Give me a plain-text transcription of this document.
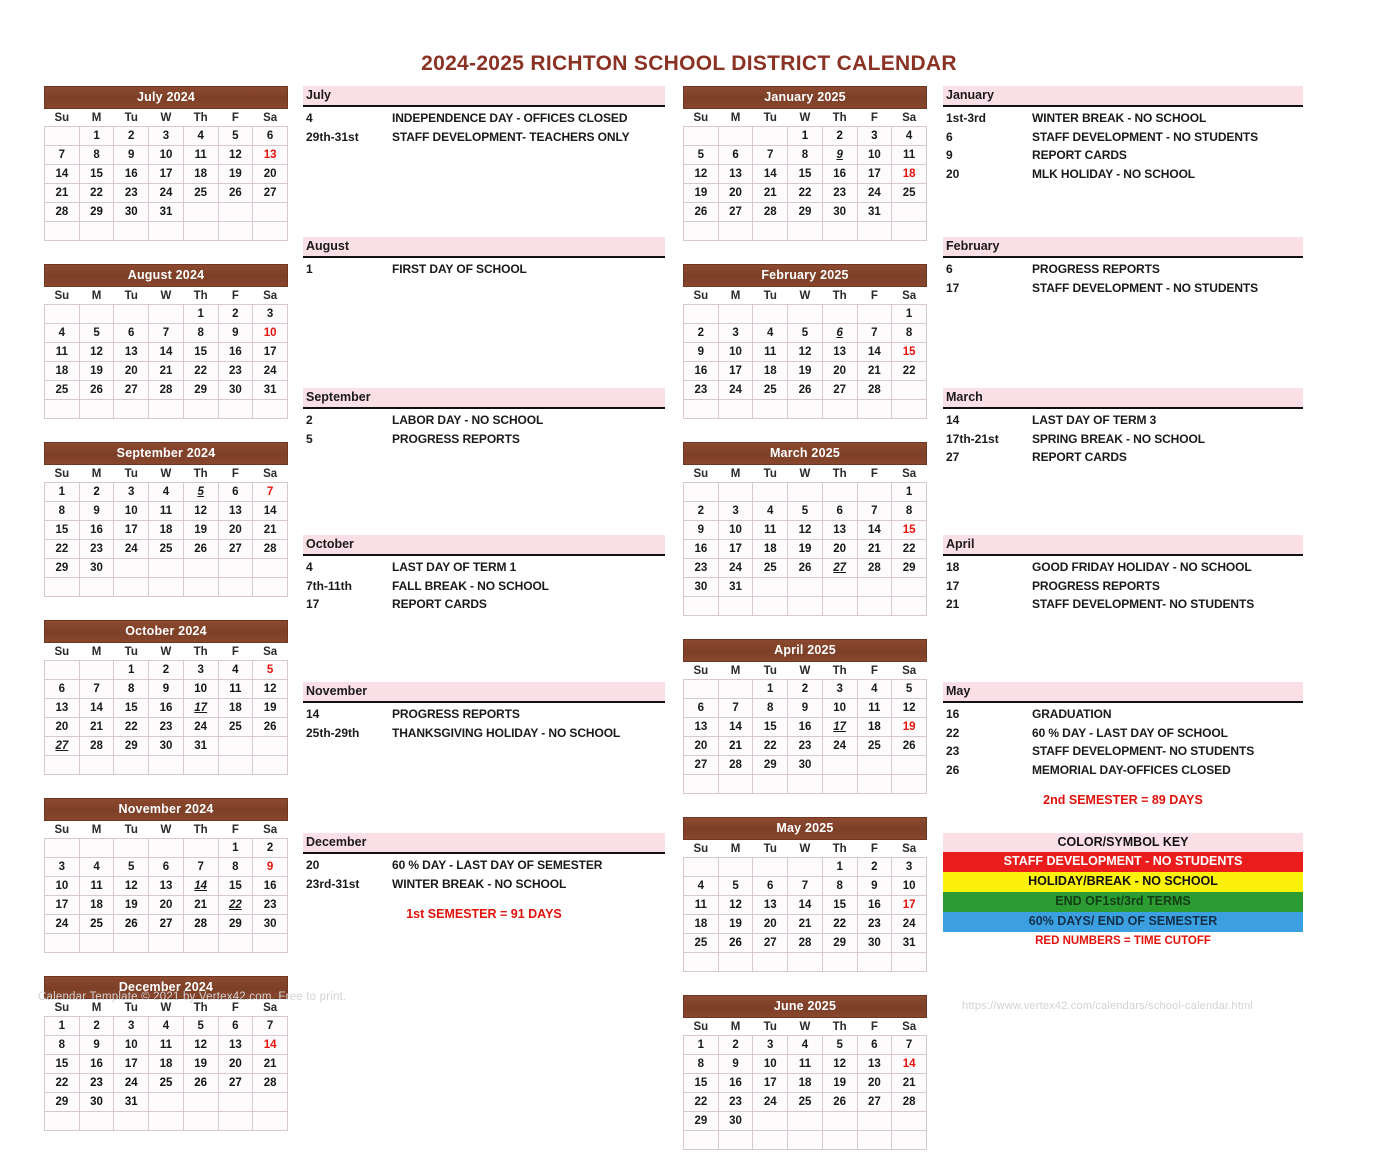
2024-2025 RICHTON SCHOOL DISTRICT CALENDAR
July 2024
Su	M	Tu	W	Th	F	Sa
	1	2	3	4	5	6
7	8	9	10	11	12	13
14	15	16	17	18	19	20
21	22	23	24	25	26	27
28	29	30	31			

August 2024
Su	M	Tu	W	Th	F	Sa
				1	2	3
4	5	6	7	8	9	10
11	12	13	14	15	16	17
18	19	20	21	22	23	24
25	26	27	28	29	30	31

September 2024
Su	M	Tu	W	Th	F	Sa
1	2	3	4	5	6	7
8	9	10	11	12	13	14
15	16	17	18	19	20	21
22	23	24	25	26	27	28
29	30					

October 2024
Su	M	Tu	W	Th	F	Sa
		1	2	3	4	5
6	7	8	9	10	11	12
13	14	15	16	17	18	19
20	21	22	23	24	25	26
27	28	29	30	31		

November 2024
Su	M	Tu	W	Th	F	Sa
					1	2
3	4	5	6	7	8	9
10	11	12	13	14	15	16
17	18	19	20	21	22	23
24	25	26	27	28	29	30

December 2024
Su	M	Tu	W	Th	F	Sa
1	2	3	4	5	6	7
8	9	10	11	12	13	14
15	16	17	18	19	20	21
22	23	24	25	26	27	28
29	30	31				

July
4	INDEPENDENCE DAY - OFFICES CLOSED
29th-31st	STAFF DEVELOPMENT- TEACHERS ONLY
August
1	FIRST DAY OF SCHOOL
September
2	LABOR DAY - NO SCHOOL
5	PROGRESS REPORTS
October
4	LAST DAY OF TERM 1
7th-11th	FALL BREAK - NO SCHOOL
17	REPORT CARDS
November
14	PROGRESS REPORTS
25th-29th	THANKSGIVING HOLIDAY - NO SCHOOL
December
20	60 % DAY - LAST DAY OF SEMESTER
23rd-31st	WINTER BREAK - NO SCHOOL
1st SEMESTER = 91 DAYS
January 2025
Su	M	Tu	W	Th	F	Sa
			1	2	3	4
5	6	7	8	9	10	11
12	13	14	15	16	17	18
19	20	21	22	23	24	25
26	27	28	29	30	31	

February 2025
Su	M	Tu	W	Th	F	Sa
						1
2	3	4	5	6	7	8
9	10	11	12	13	14	15
16	17	18	19	20	21	22
23	24	25	26	27	28	

March 2025
Su	M	Tu	W	Th	F	Sa
						1
2	3	4	5	6	7	8
9	10	11	12	13	14	15
16	17	18	19	20	21	22
23	24	25	26	27	28	29
30	31					

April 2025
Su	M	Tu	W	Th	F	Sa
		1	2	3	4	5
6	7	8	9	10	11	12
13	14	15	16	17	18	19
20	21	22	23	24	25	26
27	28	29	30			

May 2025
Su	M	Tu	W	Th	F	Sa
				1	2	3
4	5	6	7	8	9	10
11	12	13	14	15	16	17
18	19	20	21	22	23	24
25	26	27	28	29	30	31

June 2025
Su	M	Tu	W	Th	F	Sa
1	2	3	4	5	6	7
8	9	10	11	12	13	14
15	16	17	18	19	20	21
22	23	24	25	26	27	28
29	30					

January
1st-3rd	WINTER BREAK - NO SCHOOL
6	STAFF DEVELOPMENT - NO STUDENTS
9	REPORT CARDS
20	MLK HOLIDAY - NO SCHOOL
February
6	PROGRESS REPORTS
17	STAFF DEVELOPMENT - NO STUDENTS
March
14	LAST DAY OF TERM 3
17th-21st	SPRING BREAK - NO SCHOOL
27	REPORT CARDS
April
18	GOOD FRIDAY HOLIDAY - NO SCHOOL
17	PROGRESS REPORTS
21	STAFF DEVELOPMENT- NO STUDENTS
May
16	GRADUATION
22	60 % DAY - LAST DAY OF SCHOOL
23	STAFF DEVELOPMENT- NO STUDENTS
26	MEMORIAL DAY-OFFICES CLOSED
2nd SEMESTER = 89 DAYS
COLOR/SYMBOL KEY
STAFF DEVELOPMENT - NO STUDENTS
HOLIDAY/BREAK - NO SCHOOL
END OF1st/3rd TERMS
60% DAYS/ END OF SEMESTER
RED NUMBERS = TIME CUTOFF
Calendar Template © 2021 by Vertex42.com. Free to print.
https://www.vertex42.com/calendars/school-calendar.html
